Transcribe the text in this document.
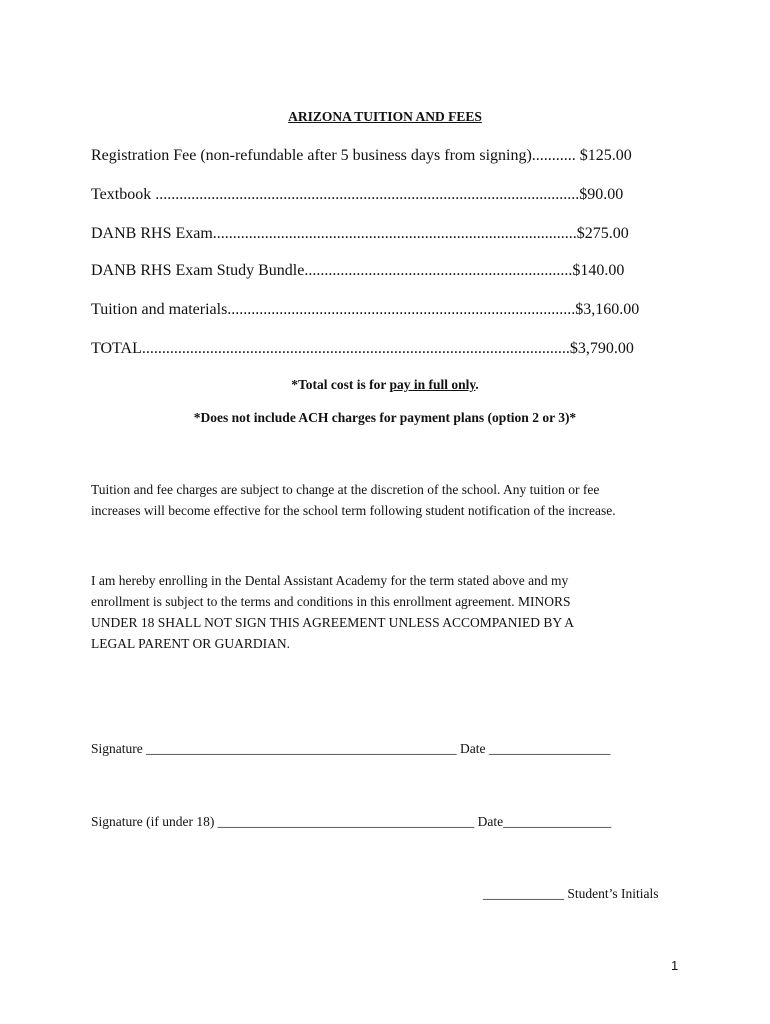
ARIZONA TUITION AND FEES
Registration Fee (non-refundable after 5 business days from signing)........... $125.00
Textbook ..........................................................................................................$90.00
DANB RHS Exam...........................................................................................$275.00
DANB RHS Exam Study Bundle...................................................................$140.00
Tuition and materials.......................................................................................$3,160.00
TOTAL...........................................................................................................$3,790.00
*Total cost is for pay in full only.
*Does not include ACH charges for payment plans (option 2 or 3)*
Tuition and fee charges are subject to change at the discretion of the school. Any tuition or fee
increases will become effective for the school term following student notification of the increase.
I am hereby enrolling in the Dental Assistant Academy for the term stated above and my
enrollment is subject to the terms and conditions in this enrollment agreement. MINORS
UNDER 18 SHALL NOT SIGN THIS AGREEMENT UNLESS ACCOMPANIED BY A
LEGAL PARENT OR GUARDIAN.
Signature ______________________________________________ Date __________________
Signature (if under 18) ______________________________________ Date________________
____________ Student’s Initials
1
